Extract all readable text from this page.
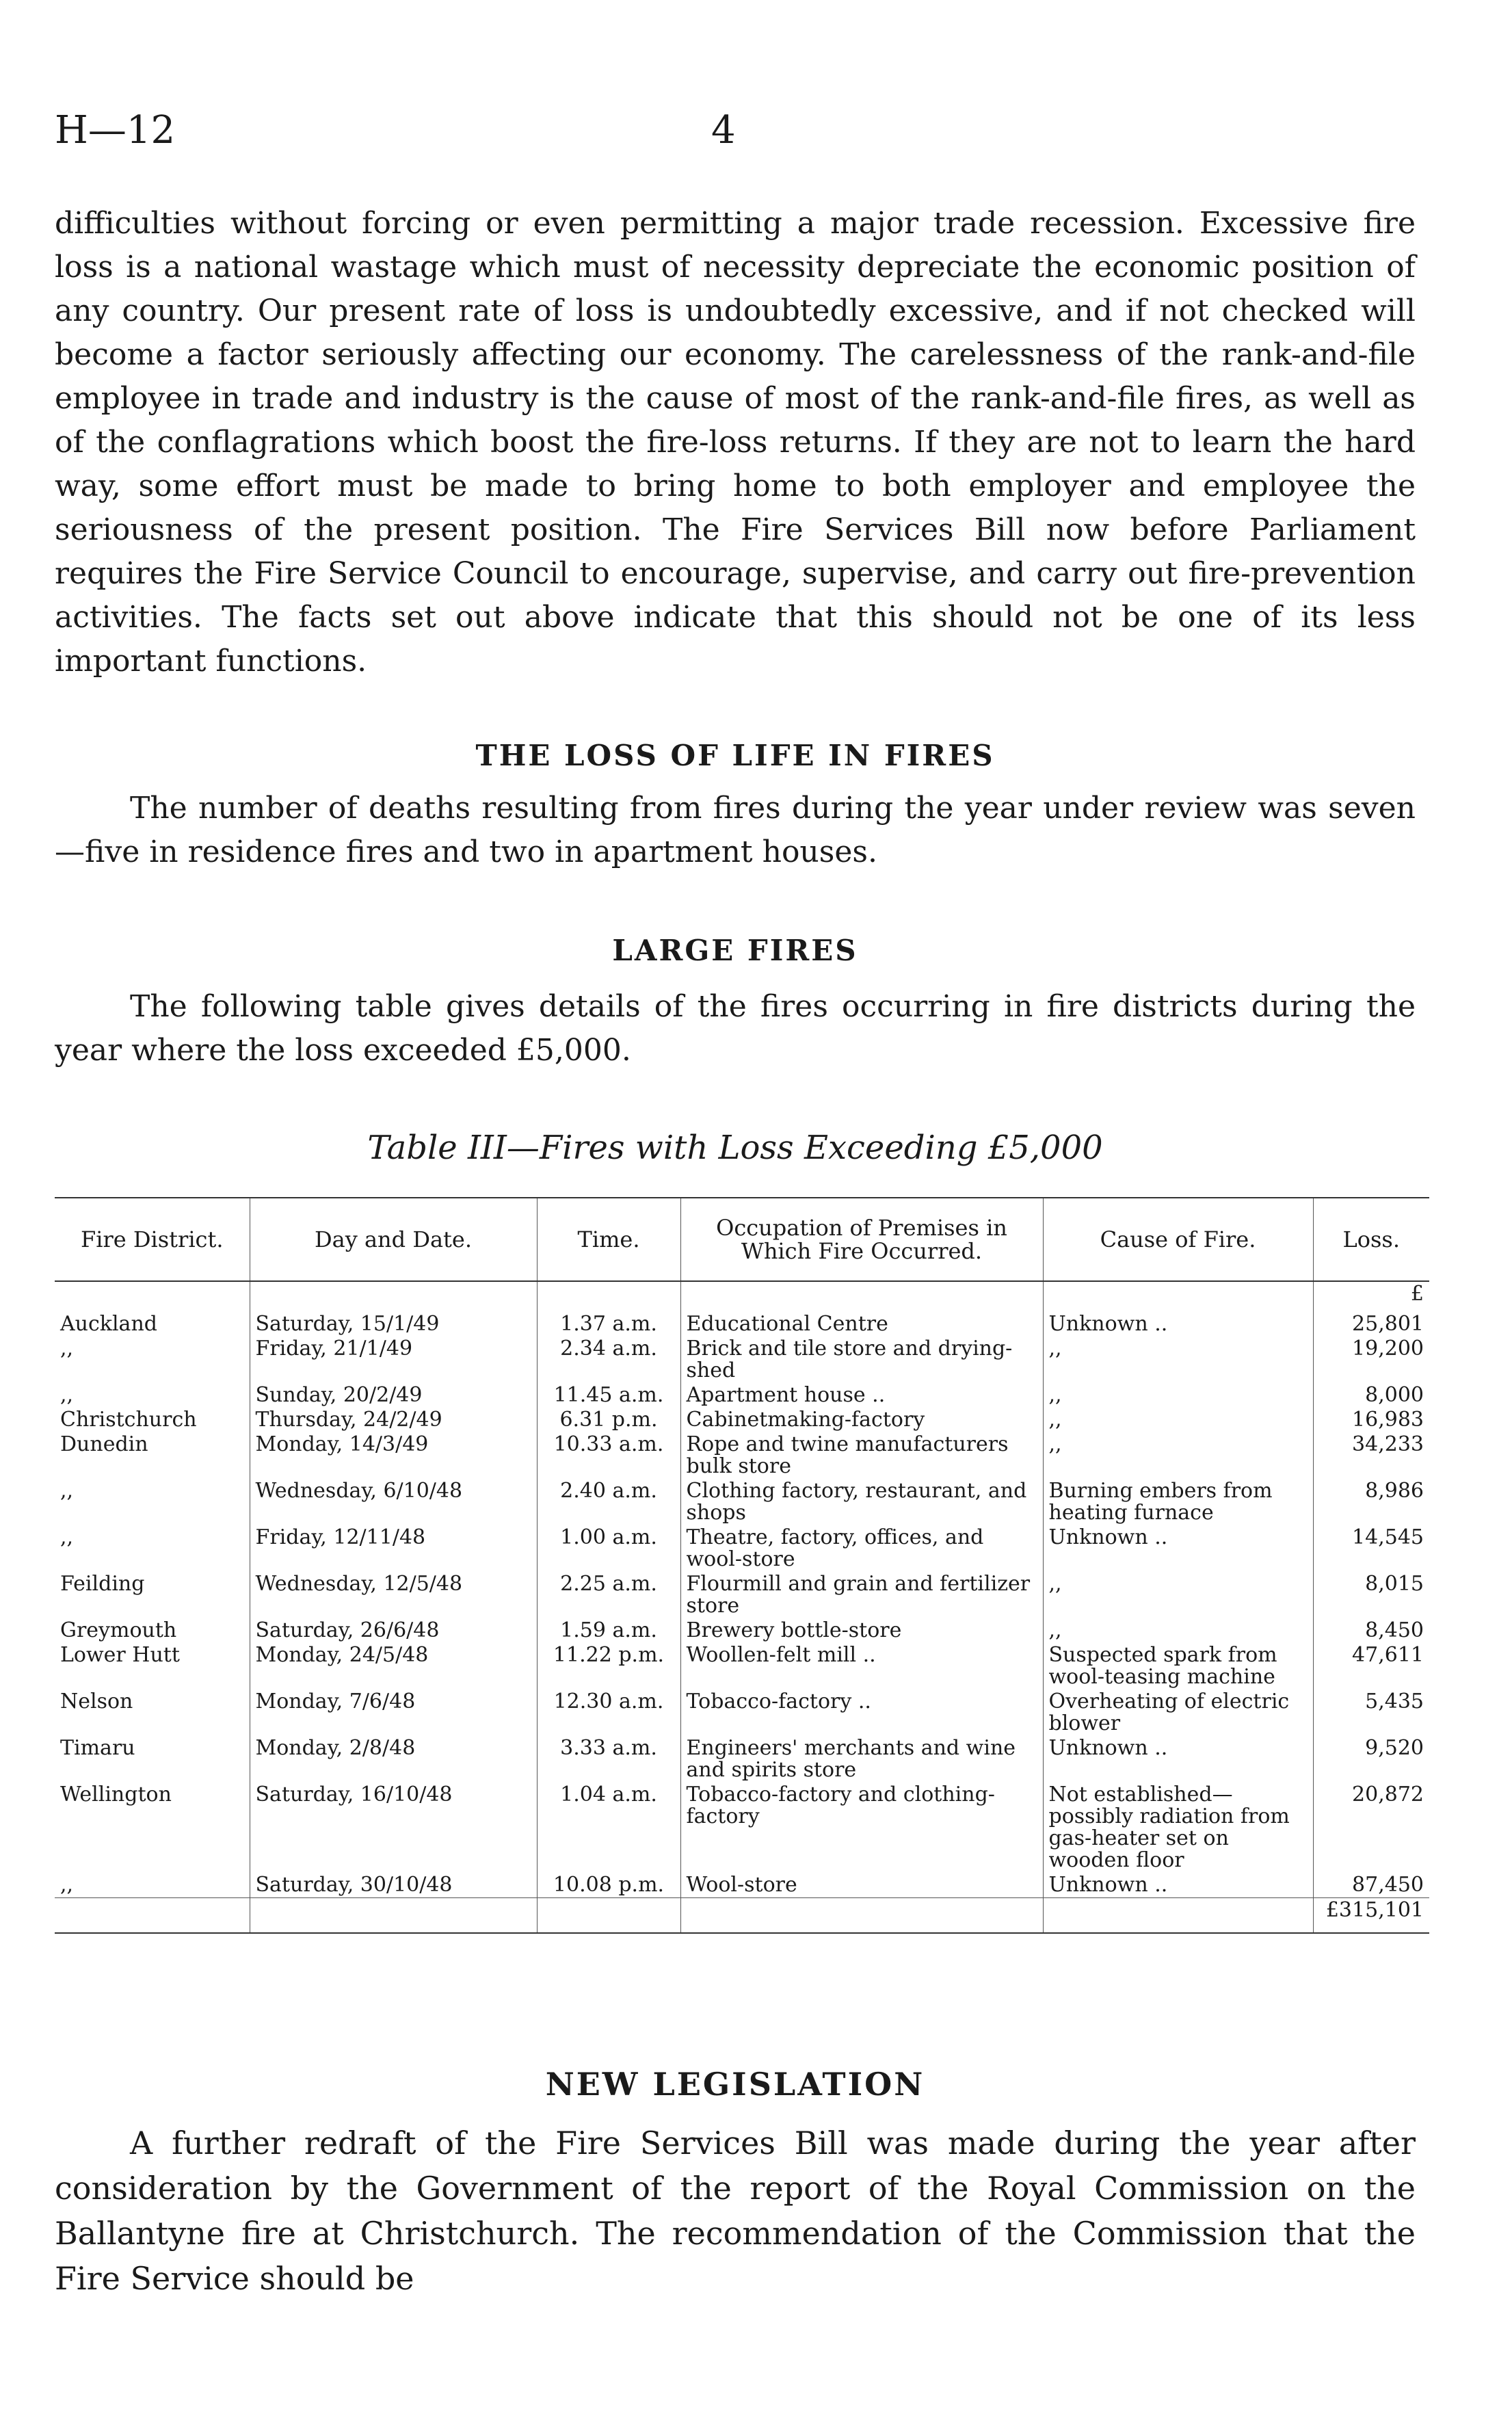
H—12	4

difficulties without forcing or even permitting a major trade recession. Excessive fire loss is a national wastage which must of necessity depreciate the economic position of any country. Our present rate of loss is undoubtedly excessive, and if not checked will become a factor seriously affecting our economy. The carelessness of the rank-and-file employee in trade and industry is the cause of most of the rank-and-file fires, as well as of the conflagrations which boost the fire-loss returns. If they are not to learn the hard way, some effort must be made to bring home to both employer and employee the seriousness of the present position. The Fire Services Bill now before Parliament requires the Fire Service Council to encourage, supervise, and carry out fire-prevention activities. The facts set out above indicate that this should not be one of its less important functions.

THE LOSS OF LIFE IN FIRES

The number of deaths resulting from fires during the year under review was seven—five in residence fires and two in apartment houses.

LARGE FIRES

The following table gives details of the fires occurring in fire districts during the year where the loss exceeded £5,000.

Table III—Fires with Loss Exceeding £5,000

Fire District.	Day and Date.	Time.	Occupation of Premises in Which Fire Occurred.	Cause of Fire.	Loss.
					£
Auckland	Saturday, 15/1/49	1.37 a.m.	Educational Centre	Unknown ..	25,801
,,	Friday, 21/1/49	2.34 a.m.	Brick and tile store and drying-shed	,,	19,200
,,	Sunday, 20/2/49	11.45 a.m.	Apartment house ..	,,	8,000
Christchurch	Thursday, 24/2/49	6.31 p.m.	Cabinetmaking-factory	,,	16,983
Dunedin	Monday, 14/3/49	10.33 a.m.	Rope and twine manufacturers bulk store	,,	34,233
,,	Wednesday, 6/10/48	2.40 a.m.	Clothing factory, restaurant, and shops	Burning embers from heating furnace	8,986
,,	Friday, 12/11/48	1.00 a.m.	Theatre, factory, offices, and wool-store	Unknown ..	14,545
Feilding	Wednesday, 12/5/48	2.25 a.m.	Flourmill and grain and fertilizer store	,,	8,015
Greymouth	Saturday, 26/6/48	1.59 a.m.	Brewery bottle-store	,,	8,450
Lower Hutt	Monday, 24/5/48	11.22 p.m.	Woollen-felt mill ..	Suspected spark from wool-teasing machine	47,611
Nelson	Monday, 7/6/48	12.30 a.m.	Tobacco-factory ..	Overheating of electric blower	5,435
Timaru	Monday, 2/8/48	3.33 a.m.	Engineers' merchants and wine and spirits store	Unknown ..	9,520
Wellington	Saturday, 16/10/48	1.04 a.m.	Tobacco-factory and clothing-factory	Not established—possibly radiation from gas-heater set on wooden floor	20,872
,,	Saturday, 30/10/48	10.08 p.m.	Wool-store	Unknown ..	87,450
					£315,101
NEW LEGISLATION

A further redraft of the Fire Services Bill was made during the year after consideration by the Government of the report of the Royal Commission on the Ballantyne fire at Christchurch. The recommendation of the Commission that the Fire Service should be
